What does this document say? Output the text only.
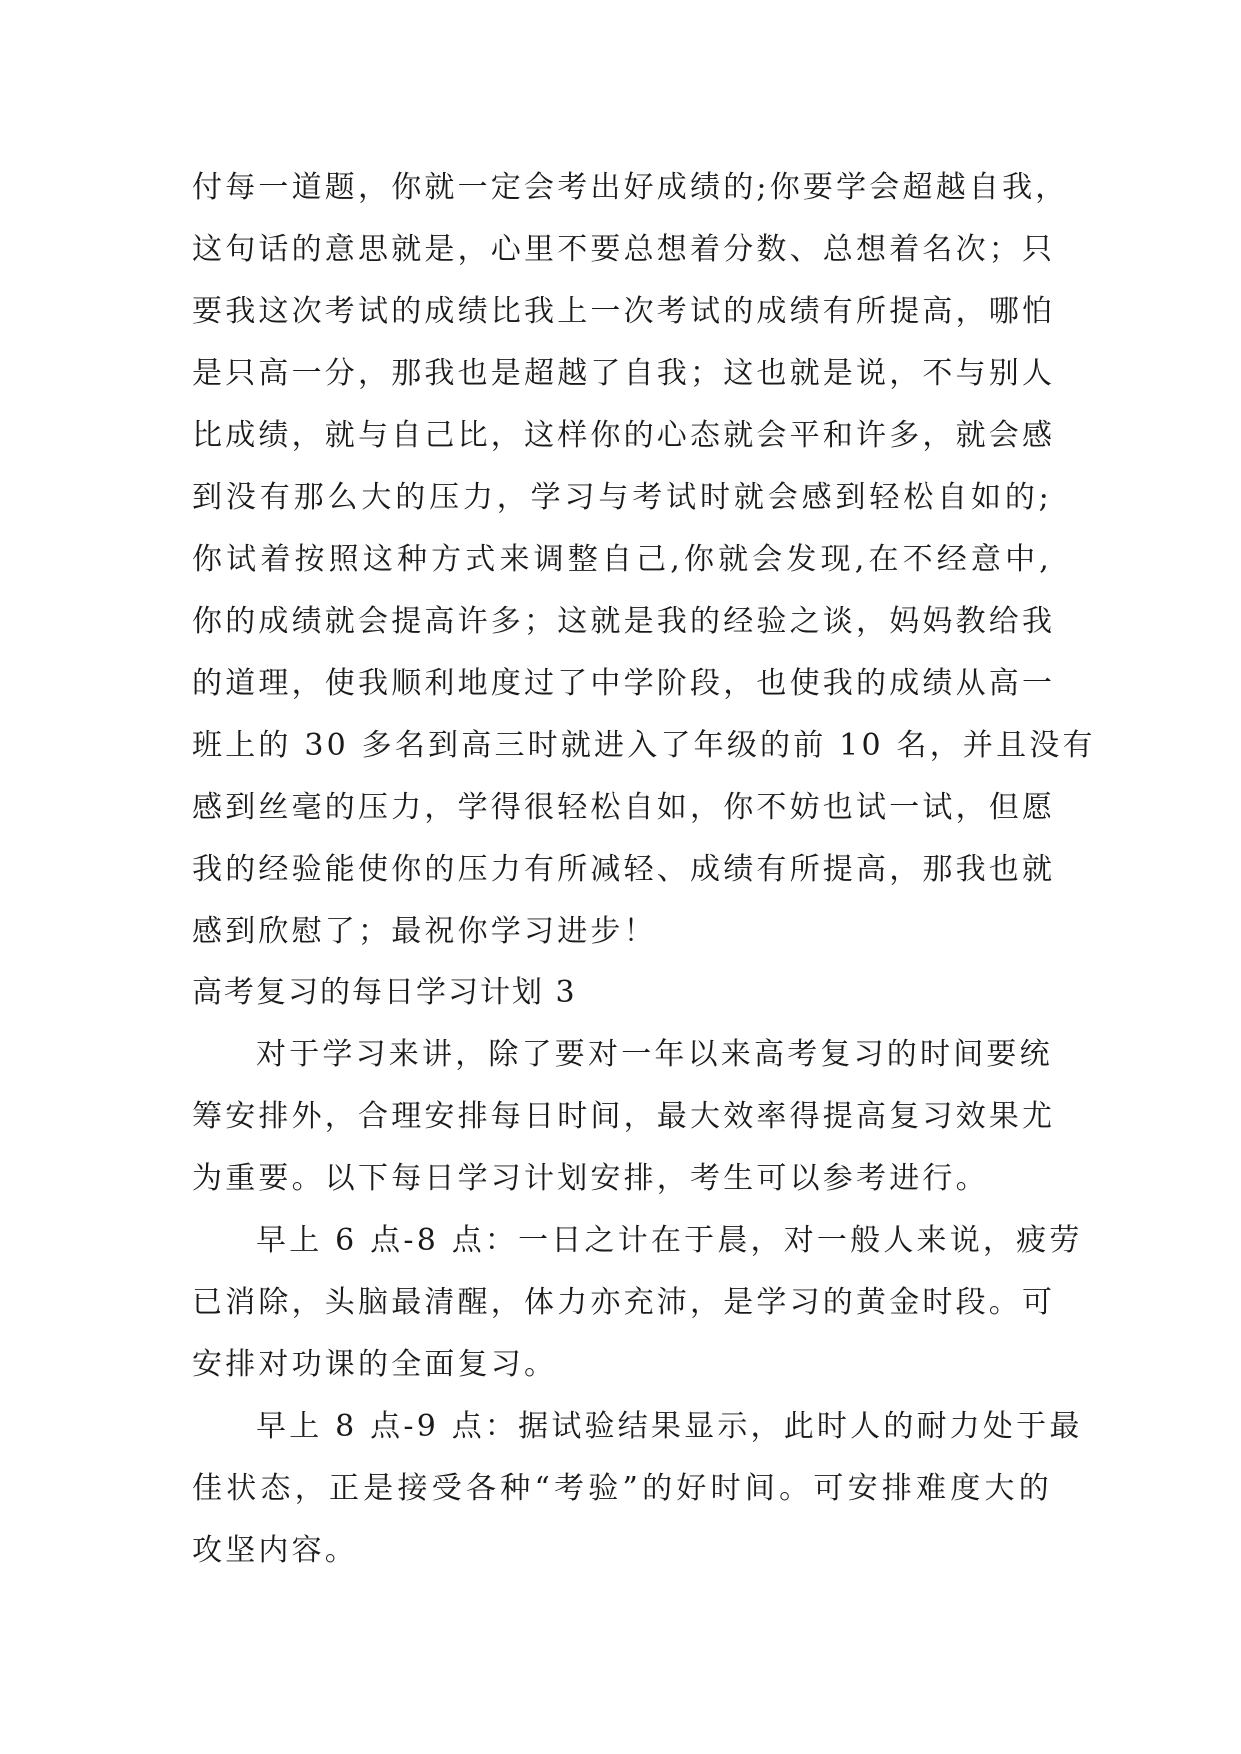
付每一道题，你就一定会考出好成绩的;你要学会超越自我，
这句话的意思就是，心里不要总想着分数、总想着名次；只
要我这次考试的成绩比我上一次考试的成绩有所提高，哪怕
是只高一分，那我也是超越了自我；这也就是说，不与别人
比成绩，就与自己比，这样你的心态就会平和许多，就会感
到没有那么大的压力，学习与考试时就会感到轻松自如的;
你试着按照这种方式来调整自己,你就会发现,在不经意中,
你的成绩就会提高许多；这就是我的经验之谈，妈妈教给我
的道理，使我顺利地度过了中学阶段，也使我的成绩从高一
班上的 30 多名到高三时就进入了年级的前 10 名，并且没有
感到丝毫的压力，学得很轻松自如，你不妨也试一试，但愿
我的经验能使你的压力有所减轻、成绩有所提高，那我也就
感到欣慰了；最祝你学习进步！
高考复习的每日学习计划 3
对于学习来讲，除了要对一年以来高考复习的时间要统
筹安排外，合理安排每日时间，最大效率得提高复习效果尤
为重要。以下每日学习计划安排，考生可以参考进行。
早上 6 点-8 点：一日之计在于晨，对一般人来说，疲劳
已消除，头脑最清醒，体力亦充沛，是学习的黄金时段。可
安排对功课的全面复习。
早上 8 点-9 点：据试验结果显示，此时人的耐力处于最
佳状态，正是接受各种“考验”的好时间。可安排难度大的
攻坚内容。
